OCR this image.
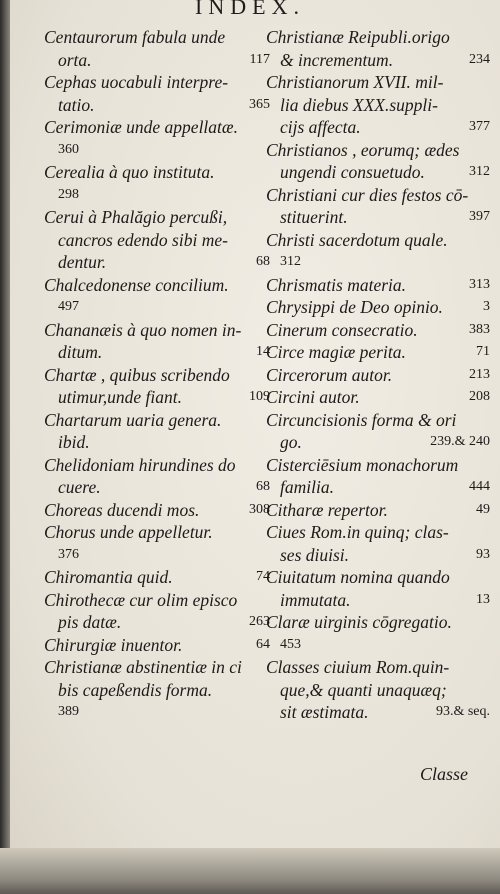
INDEX.
Centaurorum fabula unde
orta.	117
Cephas uocabuli interpre-
tatio.	365
Cerimoniæ unde appellatæ.
360
Cerealia à quo instituta.
298
Cerui à Phalăgio percußi,
cancros edendo sibi me-
dentur.	68
Chalcedonense concilium.
497
Chananæis à quo nomen in-
ditum.	14
Chartæ , quibus scribendo
utimur,unde fiant.	109
Chartarum uaria genera.
ibid.
Chelidoniam hirundines do
cuere.	68
Choreas ducendi mos.	308
Chorus unde appelletur.
376
Chiromantia quid.	74
Chirothecæ cur olim episco
pis datæ.	263
Chirurgiæ inuentor.	64
Christianæ abstinentiæ in ci
bis capeßendis forma.
389
Christianæ Reipubli.origo
& incrementum.	234
Christianorum XVII. mil-
lia diebus XXX.suppli-
cijs affecta.	377
Christianos , eorumq; ædes
ungendi consuetudo.	312
Christiani cur dies festos cō-
stituerint.	397
Christi sacerdotum quale.
312
Chrismatis materia.	313
Chrysippi de Deo opinio.	3
Cinerum consecratio.	383
Circe magiæ perita.	71
Circerorum autor.	213
Circini autor.	208
Circuncisionis forma & ori
go.	239.& 240
Cisterciēsium monachorum
familia.	444
Citharæ repertor.	49
Ciues Rom.in quinq; clas-
ses diuisi.	93
Ciuitatum nomina quando
immutata.	13
Claræ uirginis cōgregatio.
453
Classes ciuium Rom.quin-
que,& quanti unaquæq;
sit æstimata.	93.& seq.
Classe
